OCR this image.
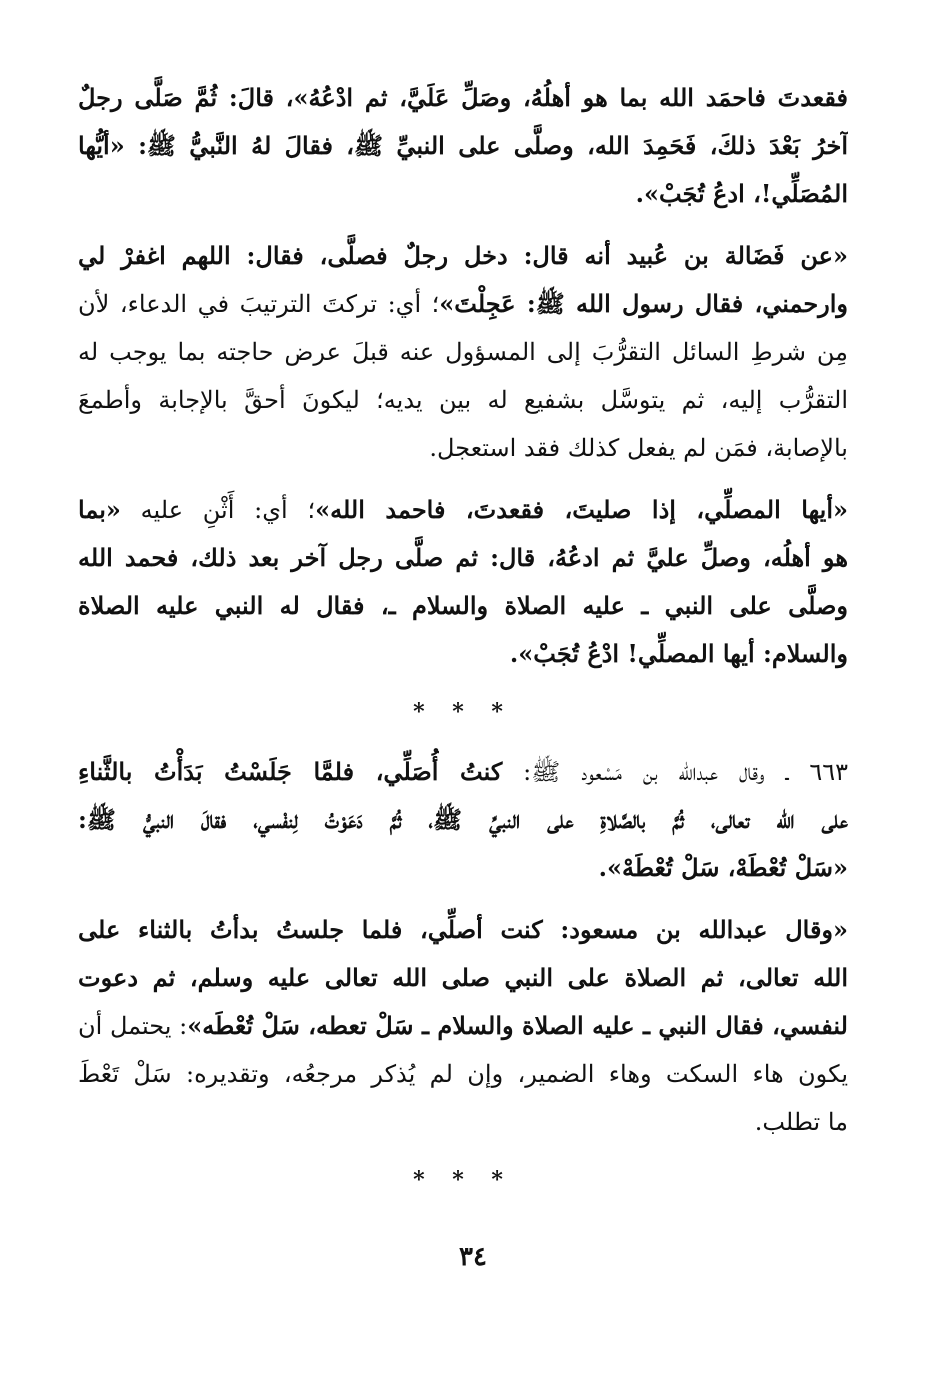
فقعدتَ فاحمَد الله بما هو أهلُهُ، وصَلِّ عَلَيَّ، ثم ادْعُهُ»، قالَ: ثُمَّ صَلَّى رجلٌ
آخرُ بَعْدَ ذلكَ، فَحَمِدَ الله، وصلَّى على النبيِّ ﷺ، فقالَ لهُ النَّبيُّ ﷺ: «أيُّها
المُصَلِّي!، ادعُ تُجَبْ».
«عن فَضَالة بن عُبيد أنه قال: دخل رجلٌ فصلَّى، فقال: اللهم اغفرْ لي
وارحمني، فقال رسول الله ﷺ: عَجِلْتَ»؛ أي: تركتَ الترتيبَ في الدعاء، لأن
مِن شرطِ السائل التقرُّبَ إلى المسؤول عنه قبلَ عرض حاجته بما يوجب له
التقرُّب إليه، ثم يتوسَّل بشفيع له بين يديه؛ ليكونَ أحقَّ بالإجابة وأطمعَ
بالإصابة، فمَن لم يفعل كذلك فقد استعجل.
«أيها المصلِّي، إذا صليتَ، فقعدتَ، فاحمد الله»؛ أي: أَثْنِ عليه «بما
هو أهلُه، وصلِّ عليَّ ثم ادعُهُ، قال: ثم صلَّى رجل آخر بعد ذلك، فحمد الله
وصلَّى على النبي ـ عليه الصلاة والسلام ـ، فقال له النبي عليه الصلاة
والسلام: أيها المصلِّي! ادْعُ تُجَبْ».
* * *
٦٦٣ ـ وقال عبدالله بن مَسْعود ﷺ: كنتُ أُصَلِّي، فلمَّا جَلَسْتُ بَدَأْتُ بالثَّناءِ
على الله تعالى، ثُمَّ بالصَّلاةِ على النبيِّ ﷺ، ثُمَّ دَعَوْتُ لِنفْسي، فقالَ النبيُّ ﷺ:
«سَلْ تُعْطَهْ، سَلْ تُعْطَهْ».
«وقال عبدالله بن مسعود: كنت أصلِّي، فلما جلستُ بدأتُ بالثناء على
الله تعالى، ثم الصلاة على النبي صلى الله تعالى عليه وسلم، ثم دعوت
لنفسي، فقال النبي ـ عليه الصلاة والسلام ـ سَلْ تعطه، سَلْ تُعْطَه»: يحتمل أن
يكون هاء السكت وهاء الضمير، وإن لم يُذكر مرجعُه، وتقديره: سَلْ تَعْطَ
ما تطلب.
* * *
٣٤
